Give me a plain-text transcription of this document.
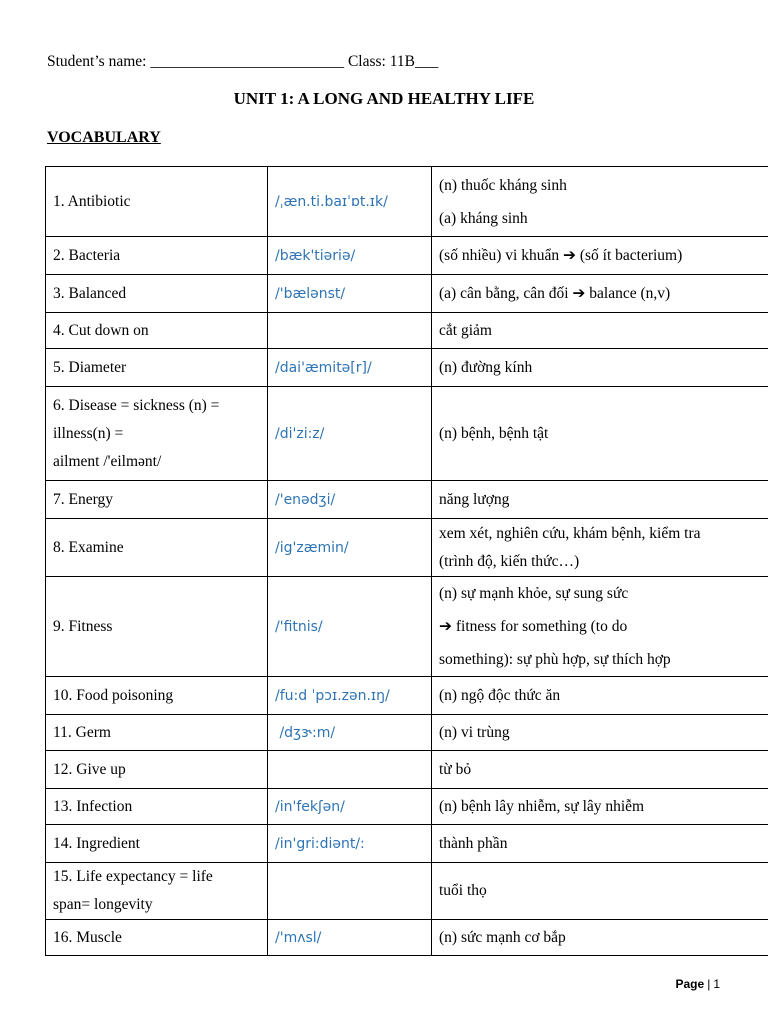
Student’s name: _________________________ Class: 11B___
UNIT 1: A LONG AND HEALTHY LIFE
VOCABULARY
1. Antibiotic	/ˌæn.ti.baɪˈɒt.ɪk/	(n) thuốc kháng sinh
(a) kháng sinh

2. Bacteria	/bæk'tiəriə/	(số nhiều) vi khuẩn ➔ (số ít bacterium)

3. Balanced	/'bælənst/	(a) cân bằng, cân đối ➔ balance (n,v)

4. Cut down on		cắt giảm

5. Diameter	/dai'æmitə[r]/	(n) đường kính

6. Disease = sickness (n) =
illness(n) =
ailment /'eilmənt/	/di'zi:z/	(n) bệnh, bệnh tật

7. Energy	/'enədʒi/	năng lượng

8. Examine	/ig'zæmin/	xem xét, nghiên cứu, khám bệnh, kiểm tra
(trình độ, kiến thức…)

9. Fitness	/'fitnis/	(n) sự mạnh khỏe, sự sung sức
➔ fitness for something (to do
something): sự phù hợp, sự thích hợp

10. Food poisoning	/fu:d ˈpɔɪ.zən.ɪŋ/	(n) ngộ độc thức ăn

11. Germ	/dʒɝ:m/	(n) vi trùng

12. Give up		từ bỏ

13. Infection	/in'fekʃən/	(n) bệnh lây nhiễm, sự lây nhiễm

14. Ingredient	/in'gri:diənt/:	thành phần

15. Life expectancy = life
span= longevity		tuổi thọ

16. Muscle	/'mʌsl/	(n) sức mạnh cơ bắp
Page | 1
